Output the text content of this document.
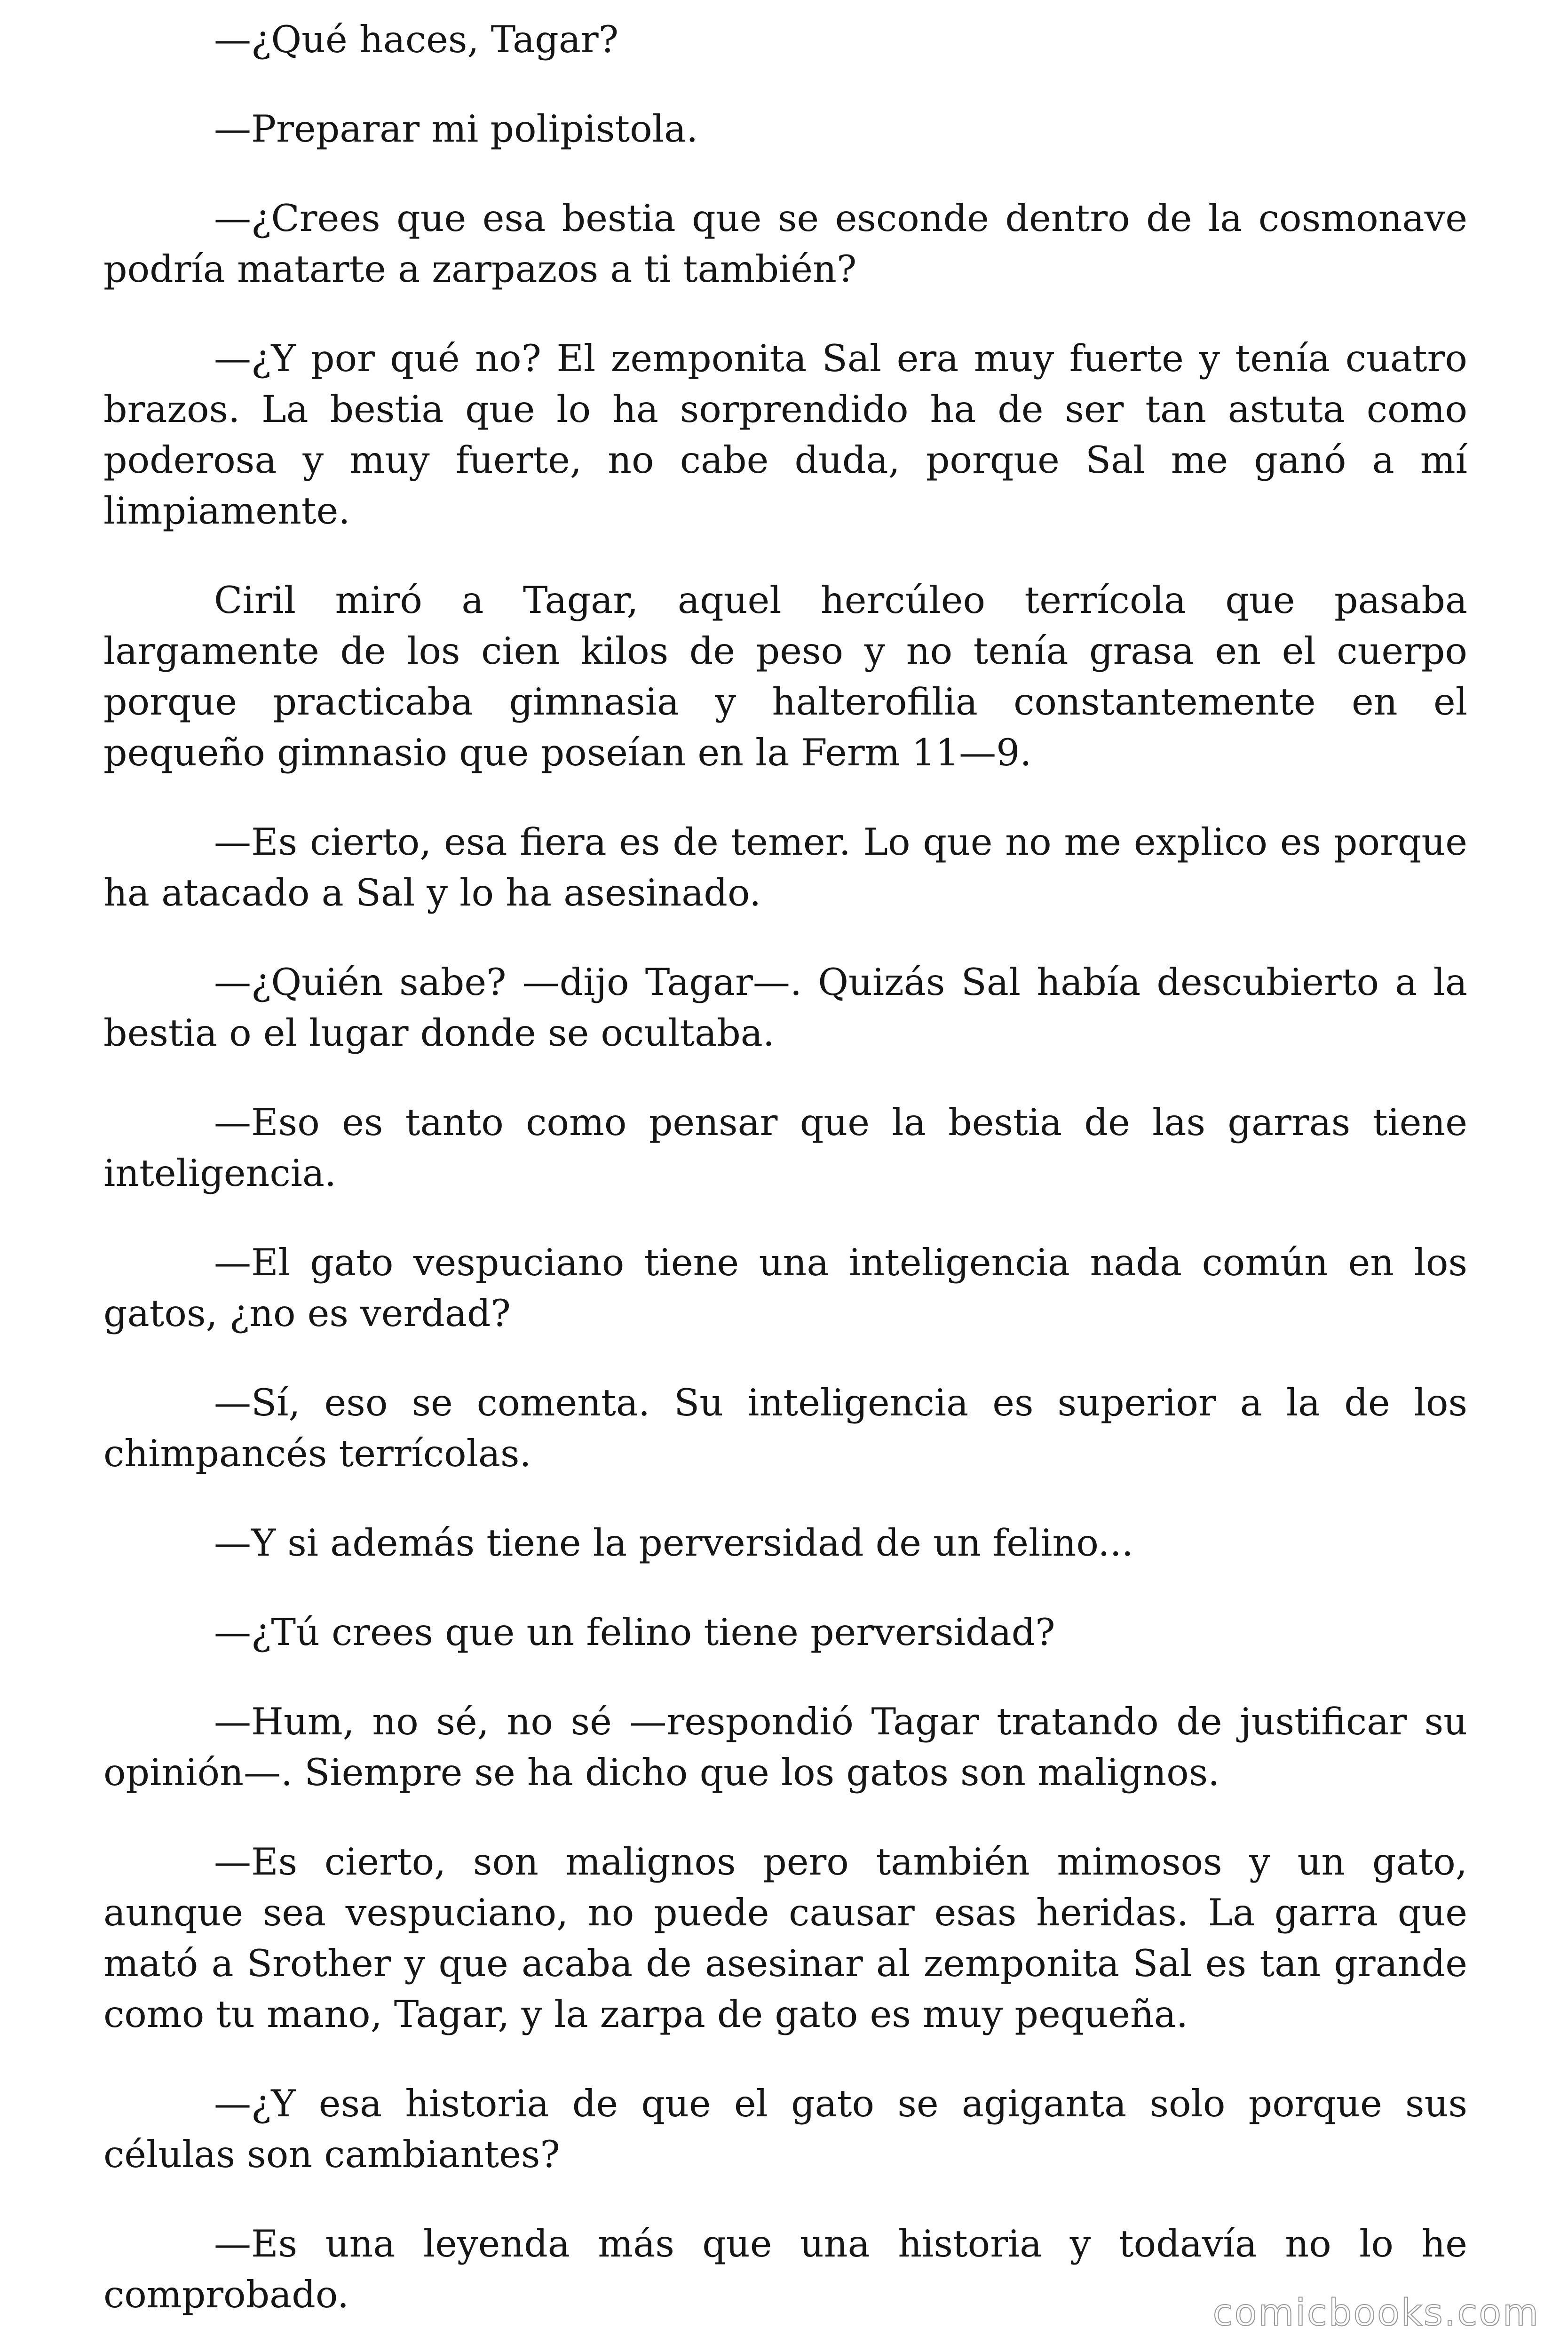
—¿Qué haces, Tagar?

—Preparar mi polipistola.

—¿Crees que esa bestia que se esconde dentro de la cosmonave podría matarte a zarpazos a ti también?

—¿Y por qué no? El zemponita Sal era muy fuerte y tenía cuatro brazos. La bestia que lo ha sorprendido ha de ser tan astuta como poderosa y muy fuerte, no cabe duda, porque Sal me ganó a mí limpiamente.

Ciril miró a Tagar, aquel hercúleo terrícola que pasaba largamente de los cien kilos de peso y no tenía grasa en el cuerpo porque practicaba gimnasia y halterofilia constantemente en el pequeño gimnasio que poseían en la Ferm 11—9.

—Es cierto, esa fiera es de temer. Lo que no me explico es porque ha atacado a Sal y lo ha asesinado.

—¿Quién sabe? —dijo Tagar—. Quizás Sal había descubierto a la bestia o el lugar donde se ocultaba.

—Eso es tanto como pensar que la bestia de las garras tiene inteligencia.

—El gato vespuciano tiene una inteligencia nada común en los gatos, ¿no es verdad?

—Sí, eso se comenta. Su inteligencia es superior a la de los chimpancés terrícolas.

—Y si además tiene la perversidad de un felino...

—¿Tú crees que un felino tiene perversidad?

—Hum, no sé, no sé —respondió Tagar tratando de justificar su opinión—. Siempre se ha dicho que los gatos son malignos.

—Es cierto, son malignos pero también mimosos y un gato, aunque sea vespuciano, no puede causar esas heridas. La garra que mató a Srother y que acaba de asesinar al zemponita Sal es tan grande como tu mano, Tagar, y la zarpa de gato es muy pequeña.

—¿Y esa historia de que el gato se agiganta solo porque sus células son cambiantes?

—Es una leyenda más que una historia y todavía no lo he comprobado.	comicbooks.com
